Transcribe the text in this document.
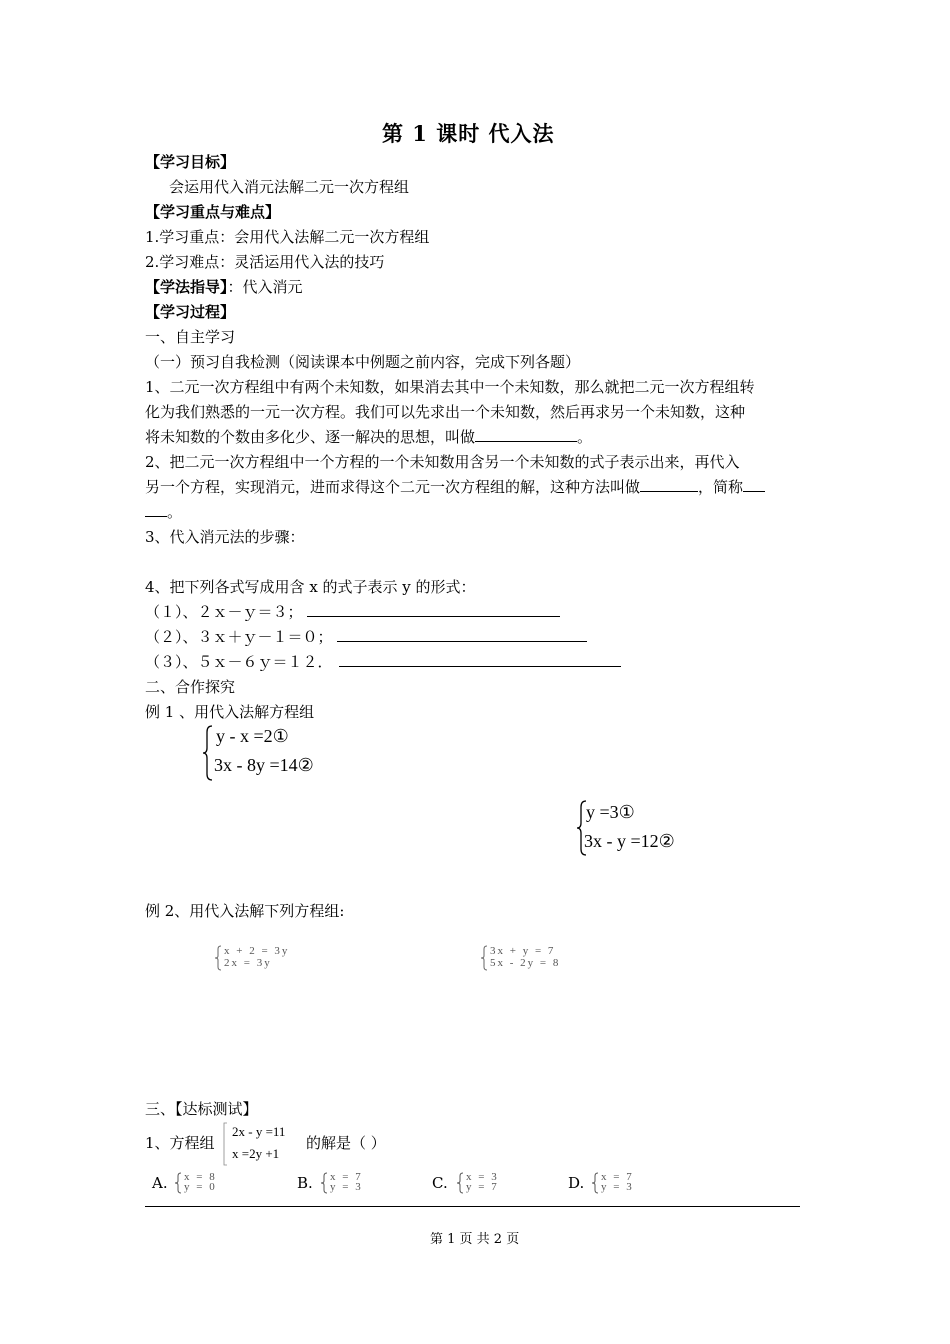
第 1 课时 代入法
【学习目标】
会运用代入消元法解二元一次方程组
【学习重点与难点】
1.学习重点：会用代入法解二元一次方程组
2.学习难点：灵活运用代入法的技巧
【学法指导】：代入消元
【学习过程】
一、自主学习
（一）预习自我检测（阅读课本中例题之前内容，完成下列各题）
1、二元一次方程组中有两个未知数，如果消去其中一个未知数，那么就把二元一次方程组转
化为我们熟悉的一元一次方程。我们可以先求出一个未知数，然后再求另一个未知数，这种
将未知数的个数由多化少、逐一解决的思想，叫做	。
2、把二元一次方程组中一个方程的一个未知数用含另一个未知数的式子表示出来，再代入
另一个方程，实现消元，进而求得这个二元一次方程组的解，这种方法叫做	，简称
。
3、代入消元法的步骤：
4、把下列各式写成用含 x 的式子表示 y 的形式：
（１）、２ｘ－ｙ＝３；
（２）、３ｘ＋ｙ－１＝０；
（３）、５ｘ－６ｙ＝１２．
二、合作探究
例 1 、用代入法解方程组
y - x =2①
3x - 8y =14②
y =3①
3x - y =12②
例 2、用代入法解下列方程组:
x + 2 = 3y
2x = 3y
3x + y = 7
5x - 2y = 8
三、【达标测试】
1、方程组
2x - y =11
x =2y +1
的解是（ ）
A. x = 8
y = 0	B. x = 7
y = 3	C. x = 3
y = 7	D. x = 7
y = 3
第 1 页 共 2 页
